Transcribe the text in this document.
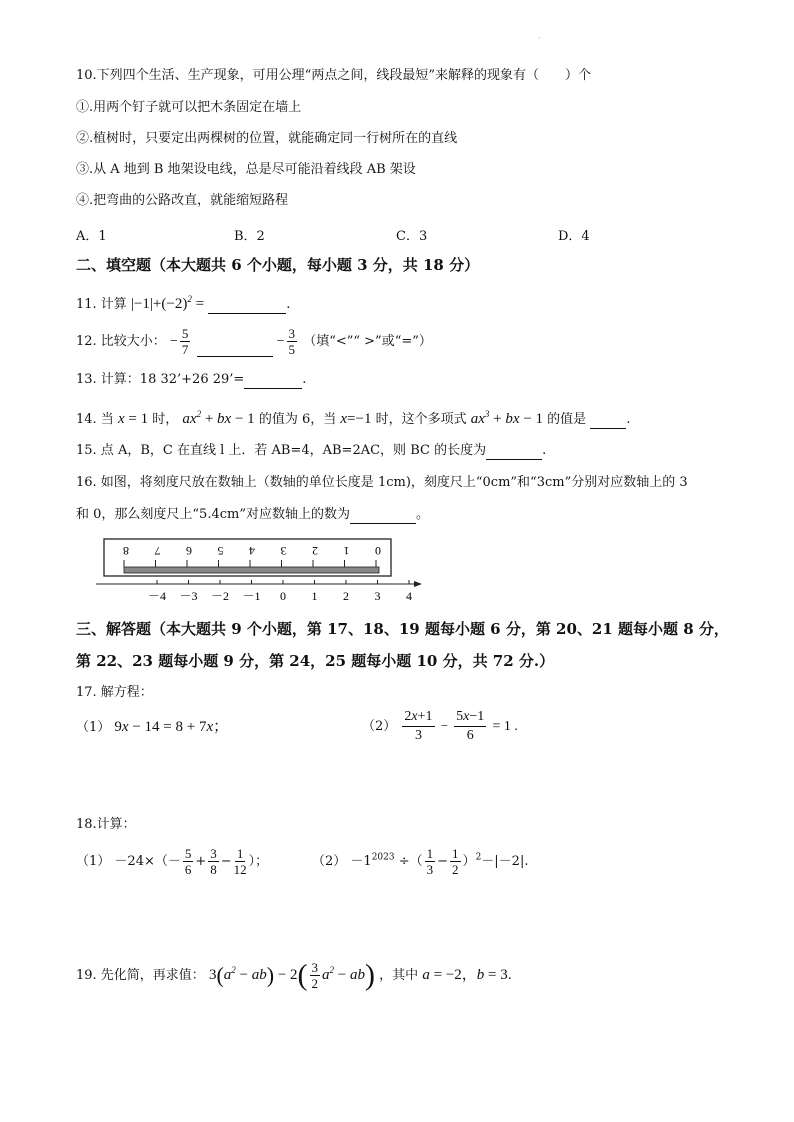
·
10.下列四个生活、生产现象，可用公理“两点之间，线段最短”来解释的现象有（　　）个
①.用两个钉子就可以把木条固定在墙上
②.植树时，只要定出两棵树的位置，就能确定同一行树所在的直线
③.从 A 地到 B 地架设电线，总是尽可能沿着线段 AB 架设
④.把弯曲的公路改直，就能缩短路程
A．1	B．2	C．3	D．4
二、填空题（本大题共 6 个小题，每小题 3 分，共 18 分）
11. 计算 $|-1|+(-2)^2$ =	.
12. 比较大小： − $\frac{5}{7}$	− $\frac{3}{5}$ （填“<”“ >”或“=”）
13. 计算：18 32’+26 29’=	.
14. 当 x = 1 时， $ax^2$ + bx − 1 的值为 6，当 x=−1 时，这个多项式 $ax^3$ + bx − 1 的值是	.
15. 点 A，B，C 在直线 l 上．若 AB=4，AB=2AC，则 BC 的长度为	.
16. 如图，将刻度尺放在数轴上（数轴的单位长度是 1cm)，刻度尺上“0cm”和“3cm”分别对应数轴上的 3
和 0，那么刻度尺上“5.4cm”对应数轴上的数为	。
8 7 6 5 4 3 2 1 0
－4 －3 －2 －1 0 1 2 3 4
三、解答题（本大题共 9 个小题，第 17、18、19 题每小题 6 分，第 20、21 题每小题 8 分，
第 22、23 题每小题 9 分，第 24，25 题每小题 10 分，共 72 分.）
17. 解方程：
（1） 9x − 14 = 8 + 7x；	$(2) \frac{2x+1}{3} - \frac{5x-1}{6} = 1$ .
18.计算：
$(1) -24\times(- \frac{5}{6} + \frac{3}{8} - \frac{1}{12}$ ）；	$(2) -1^{2023}$ ÷（ $\frac{1}{3} - \frac{1}{2} )^2-|-2|$.
19. 先化简，再求值： $3(a^2 - ab) - 2( \frac{3}{2} a^2 - ab)$ ，其中 a = −2，b = 3.
